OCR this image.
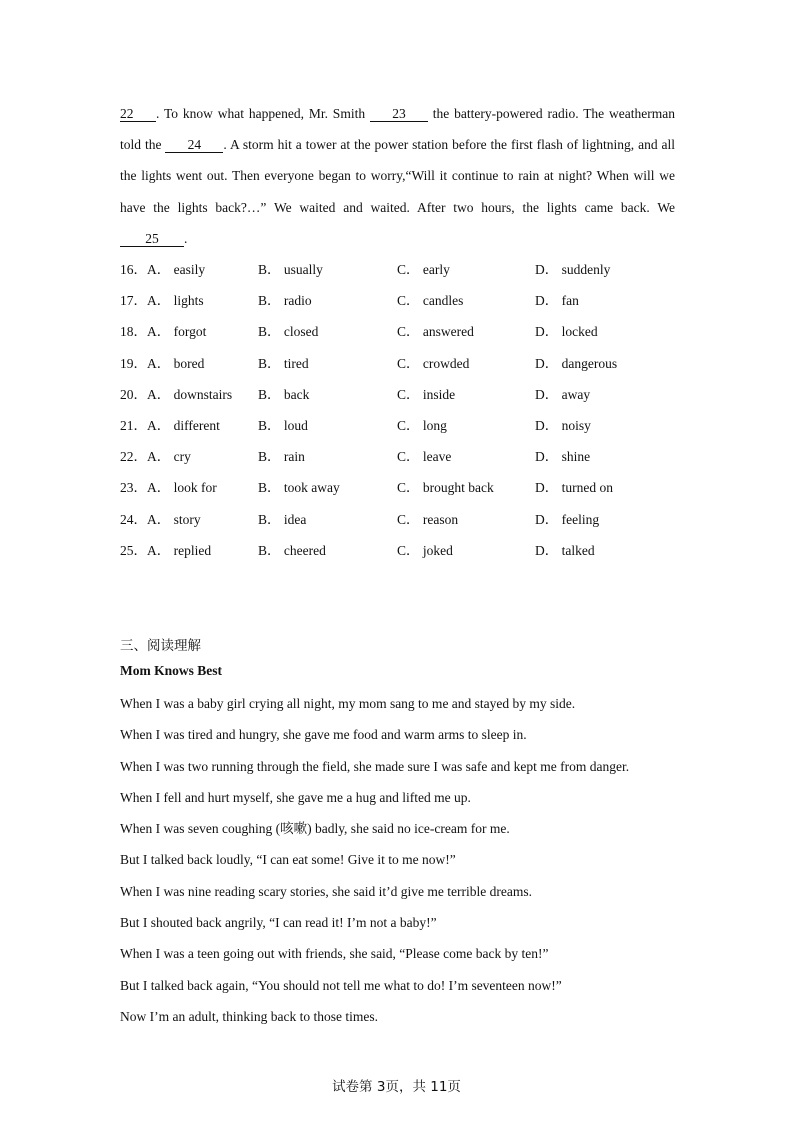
22 . To know what happened, Mr. Smith 23 the battery-powered radio. The weatherman told the 24 . A storm hit a tower at the power station before the first flash of lightning, and all the lights went out. Then everyone began to worry,“Will it continue to rain at night? When will we have the lights back?…” We waited and waited. After two hours, the lights came back. We 25 .

16． A． easily	B． usually	C． early	D． suddenly
17． A． lights	B． radio	C． candles	D． fan
18． A． forgot	B． closed	C． answered	D． locked
19． A． bored	B． tired	C． crowded	D． dangerous
20． A． downstairs B． back	C． inside	D． away
21． A． different	B． loud	C． long	D． noisy
22． A． cry	B． rain	C． leave	D． shine
23． A． look for	B． took away	C． brought back	D． turned on
24． A． story	B． idea	C． reason	D． feeling
25． A． replied	B． cheered	C． joked	D． talked
三、阅读理解
Mom Knows Best

When I was a baby girl crying all night, my mom sang to me and stayed by my side.

When I was tired and hungry, she gave me food and warm arms to sleep in.

When I was two running through the field, she made sure I was safe and kept me from danger.

When I fell and hurt myself, she gave me a hug and lifted me up.

When I was seven coughing (咳嗽) badly, she said no ice-cream for me.

But I talked back loudly, “I can eat some! Give it to me now!”

When I was nine reading scary stories, she said it’d give me terrible dreams.

But I shouted back angrily, “I can read it! I’m not a baby!”

When I was a teen going out with friends, she said, “Please come back by ten!”

But I talked back again, “You should not tell me what to do! I’m seventeen now!”

Now I’m an adult, thinking back to those times.

试卷第 3页，共 11页
